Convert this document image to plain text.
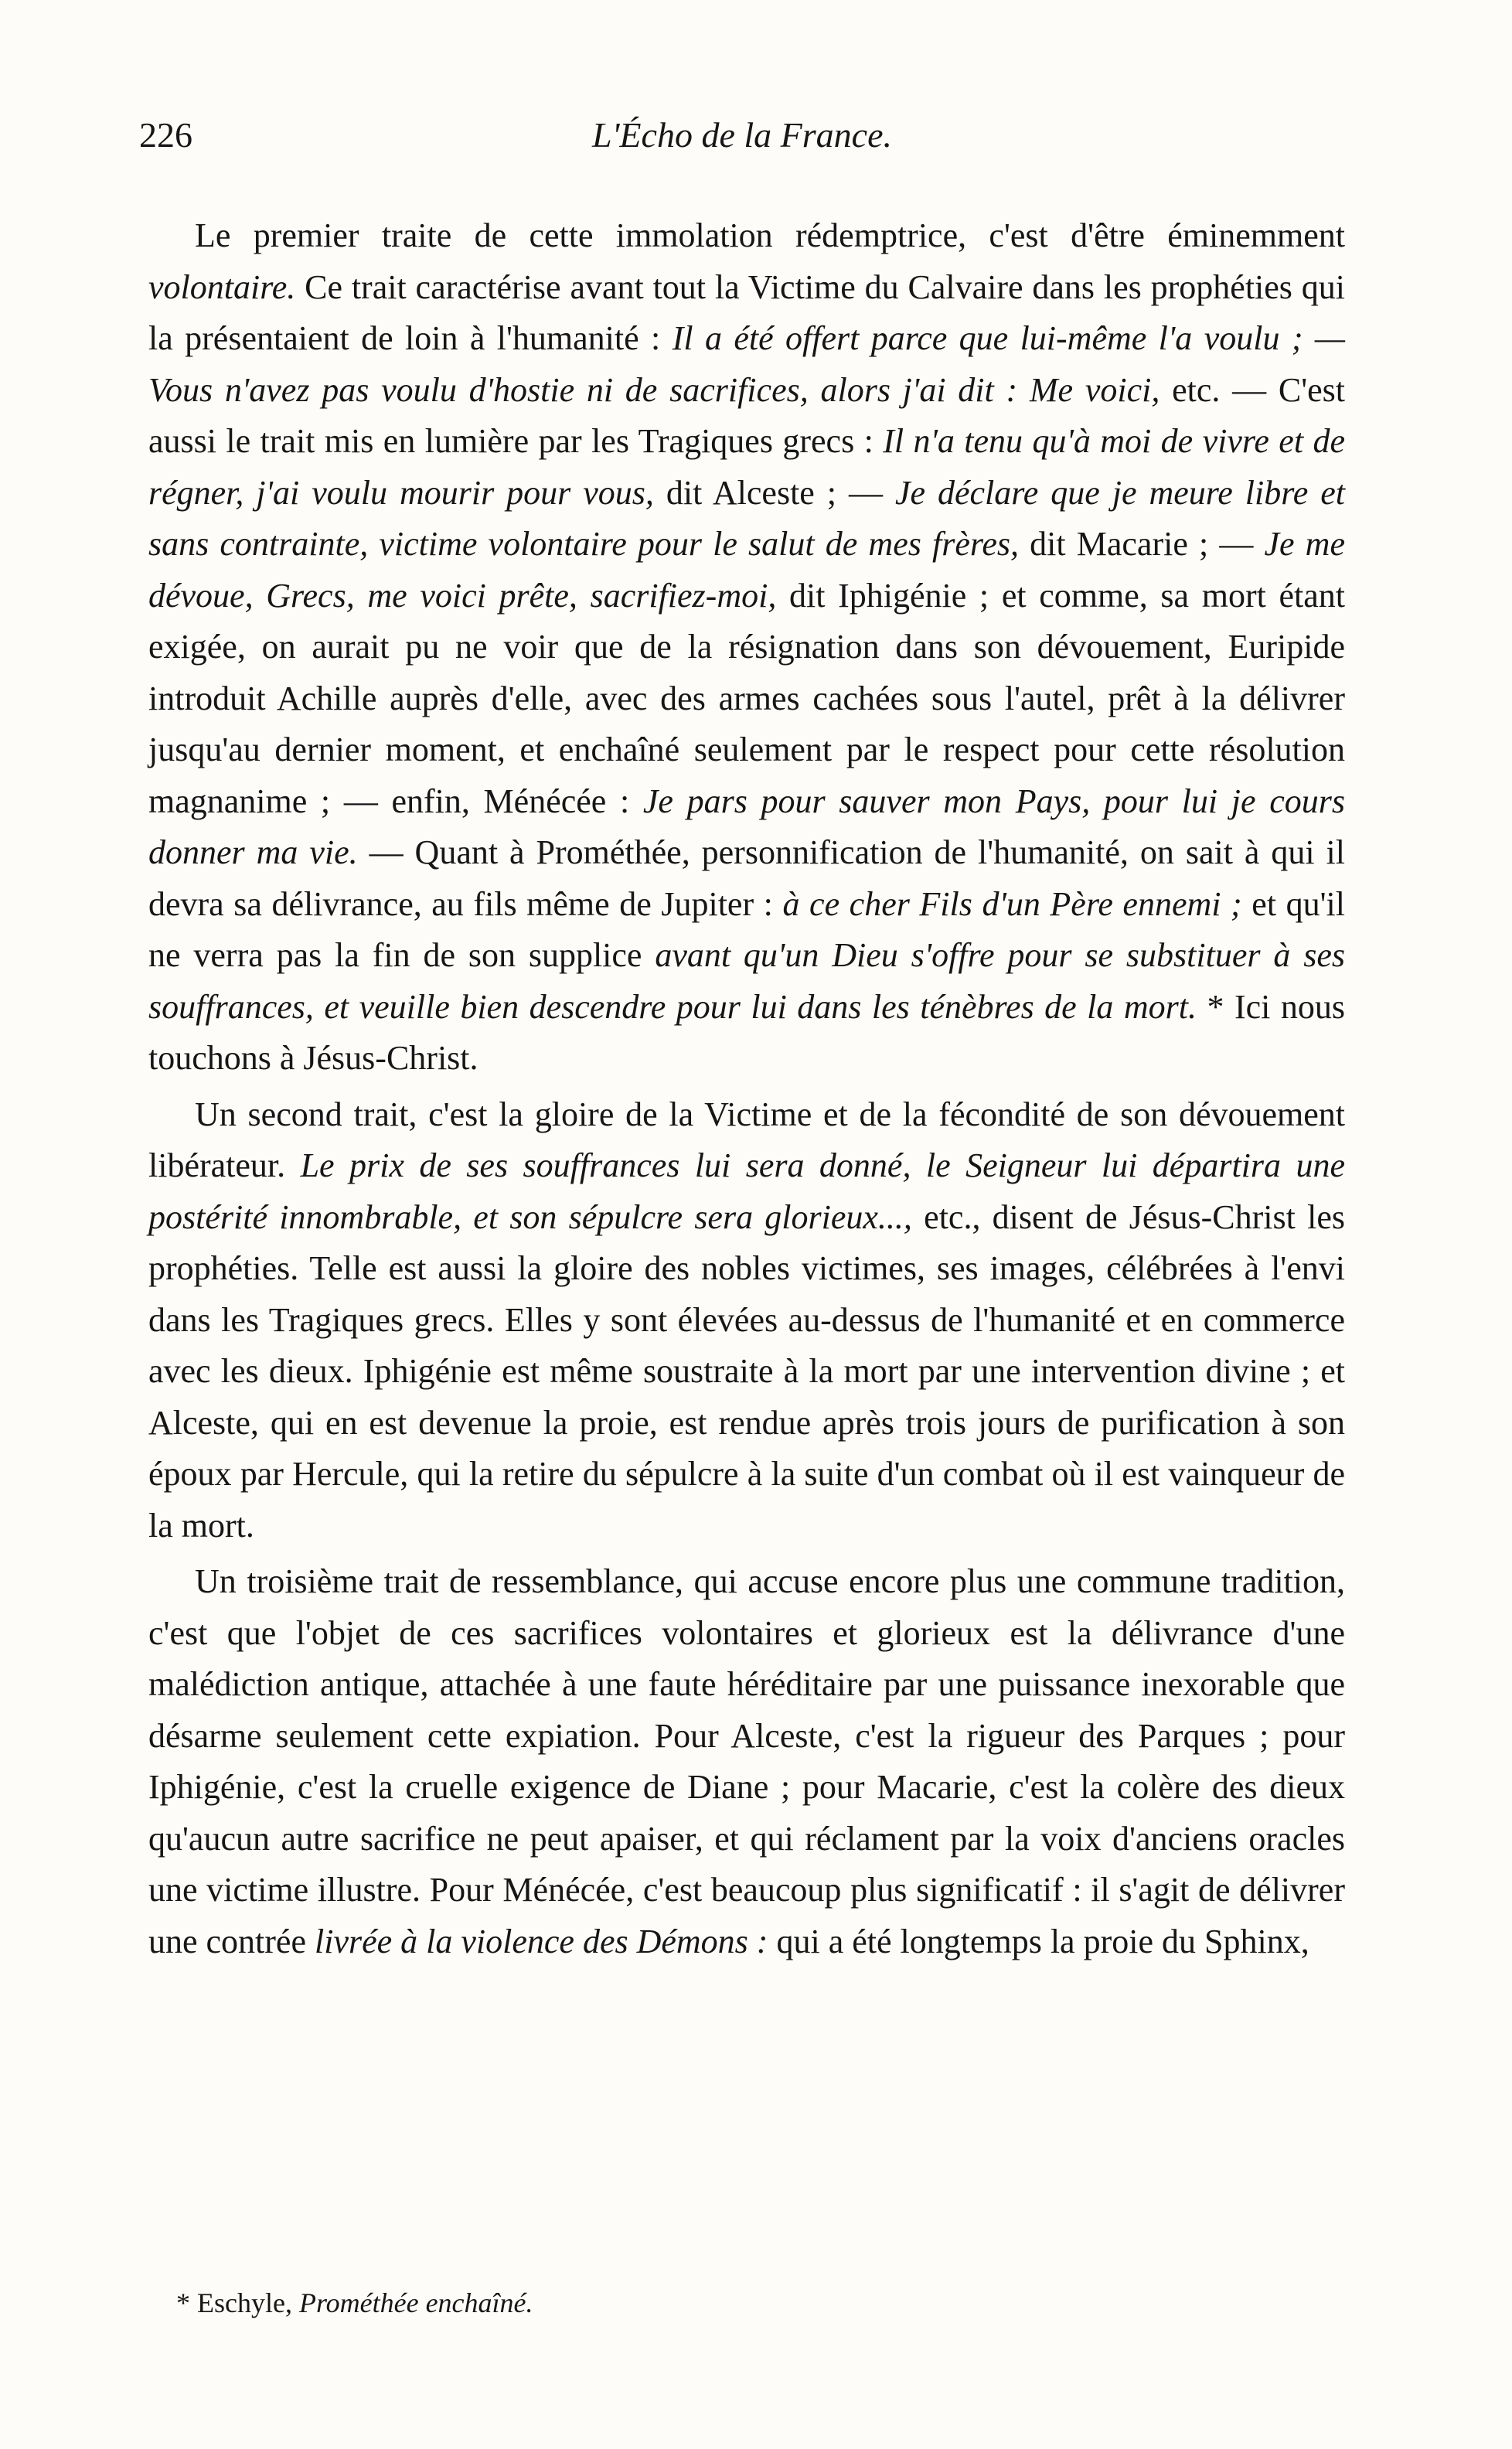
226	L'Écho de la France.

Le premier traite de cette immolation rédemptrice, c'est d'être éminemment volontaire. Ce trait caractérise avant tout la Victime du Calvaire dans les prophéties qui la présentaient de loin à l'humanité : Il a été offert parce que lui-même l'a voulu ; — Vous n'avez pas voulu d'hostie ni de sacrifices, alors j'ai dit : Me voici, etc. — C'est aussi le trait mis en lumière par les Tragiques grecs : Il n'a tenu qu'à moi de vivre et de régner, j'ai voulu mourir pour vous, dit Alceste ; — Je déclare que je meure libre et sans contrainte, victime volontaire pour le salut de mes frères, dit Macarie ; — Je me dévoue, Grecs, me voici prête, sacrifiez-moi, dit Iphigénie ; et comme, sa mort étant exigée, on aurait pu ne voir que de la résignation dans son dévouement, Euripide introduit Achille auprès d'elle, avec des armes cachées sous l'autel, prêt à la délivrer jusqu'au dernier moment, et enchaîné seulement par le respect pour cette résolution magnanime ; — enfin, Ménécée : Je pars pour sauver mon Pays, pour lui je cours donner ma vie. — Quant à Prométhée, personnification de l'humanité, on sait à qui il devra sa délivrance, au fils même de Jupiter : à ce cher Fils d'un Père ennemi ; et qu'il ne verra pas la fin de son supplice avant qu'un Dieu s'offre pour se substituer à ses souffrances, et veuille bien descendre pour lui dans les ténèbres de la mort. * Ici nous touchons à Jésus-Christ.

Un second trait, c'est la gloire de la Victime et de la fécondité de son dévouement libérateur. Le prix de ses souffrances lui sera donné, le Seigneur lui départira une postérité innombrable, et son sépulcre sera glorieux..., etc., disent de Jésus-Christ les prophéties. Telle est aussi la gloire des nobles victimes, ses images, célébrées à l'envi dans les Tragiques grecs. Elles y sont élevées au-dessus de l'humanité et en commerce avec les dieux. Iphigénie est même soustraite à la mort par une intervention divine ; et Alceste, qui en est devenue la proie, est rendue après trois jours de purification à son époux par Hercule, qui la retire du sépulcre à la suite d'un combat où il est vainqueur de la mort.

Un troisième trait de ressemblance, qui accuse encore plus une commune tradition, c'est que l'objet de ces sacrifices volontaires et glorieux est la délivrance d'une malédiction antique, attachée à une faute héréditaire par une puissance inexorable que désarme seulement cette expiation. Pour Alceste, c'est la rigueur des Parques ; pour Iphigénie, c'est la cruelle exigence de Diane ; pour Macarie, c'est la colère des dieux qu'aucun autre sacrifice ne peut apaiser, et qui réclament par la voix d'anciens oracles une victime illustre. Pour Ménécée, c'est beaucoup plus significatif : il s'agit de délivrer une contrée livrée à la violence des Démons : qui a été longtemps la proie du Sphinx,

* Eschyle, Prométhée enchaîné.
